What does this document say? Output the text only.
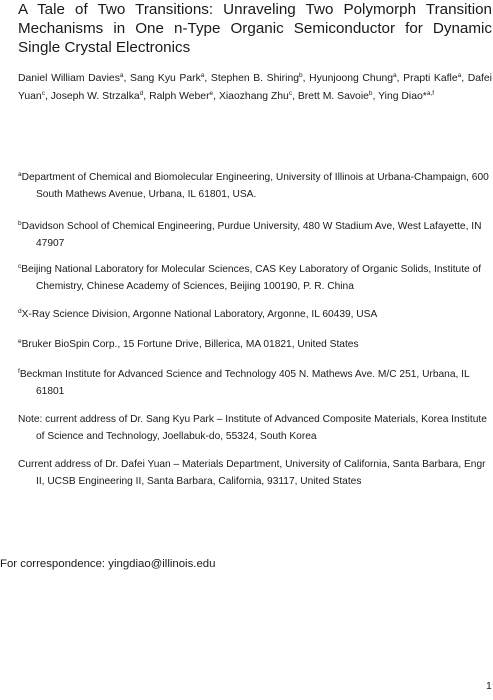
A Tale of Two Transitions: Unraveling Two Polymorph Transition Mechanisms in One n-Type Organic Semiconductor for Dynamic Single Crystal Electronics
Daniel William Davies$^a$, Sang Kyu Park$^a$, Stephen B. Shiring$^b$, Hyunjoong Chung$^a$, Prapti Kafle$^a$, Dafei Yuan$^c$, Joseph W. Strzalka$^d$, Ralph Weber$^e$, Xiaozhang Zhu$^c$, Brett M. Savoie$^b$, Ying Diao*$^{a,f}$
$^a$Department of Chemical and Biomolecular Engineering, University of Illinois at Urbana-Champaign, 600 South Mathews Avenue, Urbana, IL 61801, USA.
$^b$Davidson School of Chemical Engineering, Purdue University, 480 W Stadium Ave, West Lafayette, IN 47907
$^c$Beijing National Laboratory for Molecular Sciences, CAS Key Laboratory of Organic Solids, Institute of Chemistry, Chinese Academy of Sciences, Beijing 100190, P. R. China
$^d$X-Ray Science Division, Argonne National Laboratory, Argonne, IL 60439, USA
$^e$Bruker BioSpin Corp., 15 Fortune Drive, Billerica, MA 01821, United States
$^f$Beckman Institute for Advanced Science and Technology 405 N. Mathews Ave. M/C 251, Urbana, IL 61801
Note: current address of Dr. Sang Kyu Park – Institute of Advanced Composite Materials, Korea Institute of Science and Technology, Joellabuk-do, 55324, South Korea
Current address of Dr. Dafei Yuan – Materials Department, University of California, Santa Barbara, Engr II, UCSB Engineering II, Santa Barbara, California, 93117, United States
For correspondence: yingdiao@illinois.edu
1
